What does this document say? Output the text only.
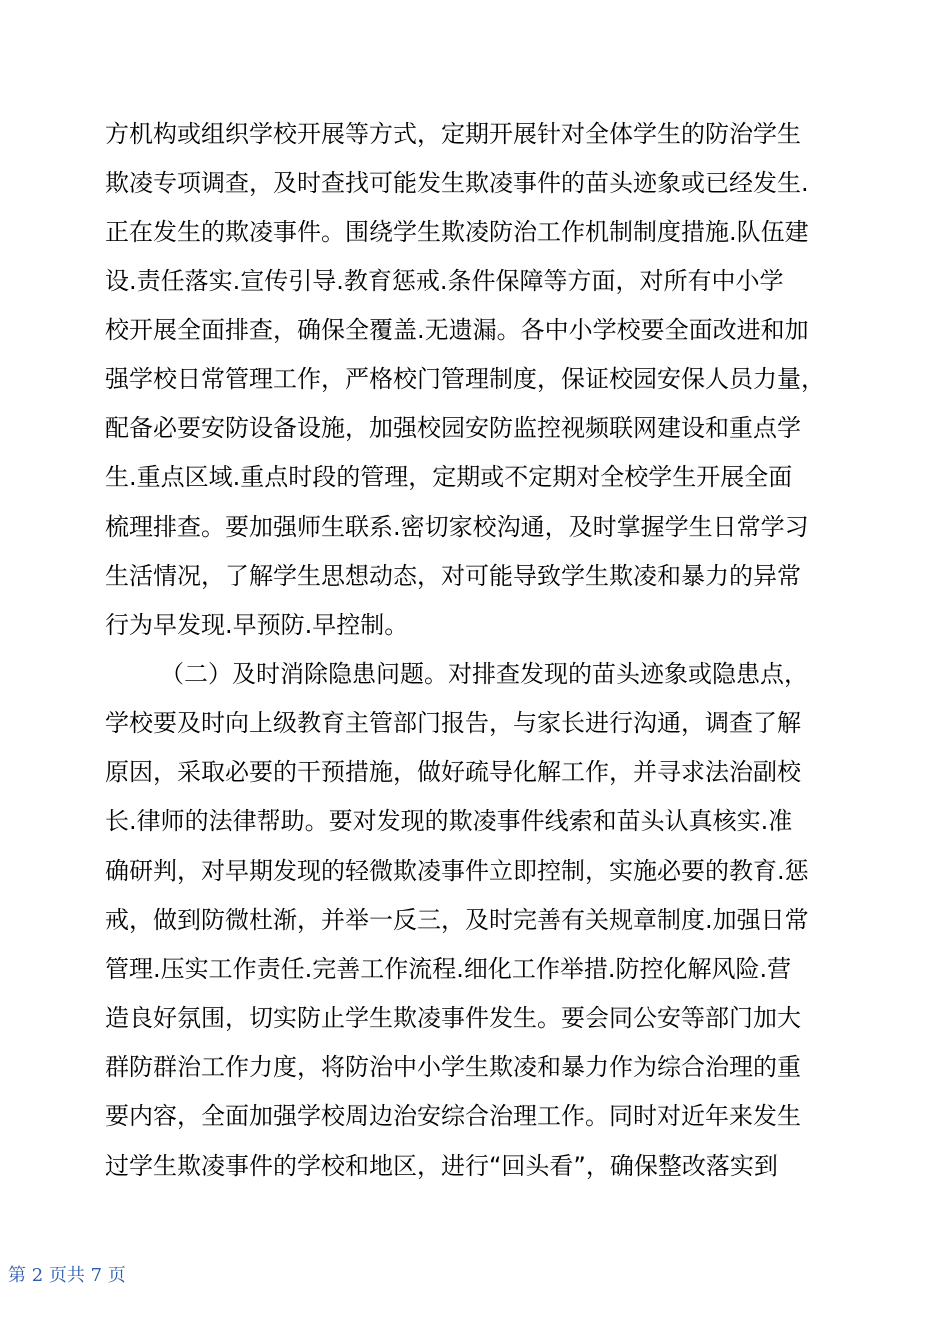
方机构或组织学校开展等方式，定期开展针对全体学生的防治学生
欺凌专项调查，及时查找可能发生欺凌事件的苗头迹象或已经发生.
正在发生的欺凌事件。围绕学生欺凌防治工作机制制度措施.队伍建
设.责任落实.宣传引导.教育惩戒.条件保障等方面，对所有中小学
校开展全面排查，确保全覆盖.无遗漏。各中小学校要全面改进和加
强学校日常管理工作，严格校门管理制度，保证校园安保人员力量，
配备必要安防设备设施，加强校园安防监控视频联网建设和重点学
生.重点区域.重点时段的管理，定期或不定期对全校学生开展全面
梳理排查。要加强师生联系.密切家校沟通，及时掌握学生日常学习
生活情况，了解学生思想动态，对可能导致学生欺凌和暴力的异常
行为早发现.早预防.早控制。
（二）及时消除隐患问题。对排查发现的苗头迹象或隐患点，
学校要及时向上级教育主管部门报告，与家长进行沟通，调查了解
原因，采取必要的干预措施，做好疏导化解工作，并寻求法治副校
长.律师的法律帮助。要对发现的欺凌事件线索和苗头认真核实.准
确研判，对早期发现的轻微欺凌事件立即控制，实施必要的教育.惩
戒，做到防微杜渐，并举一反三，及时完善有关规章制度.加强日常
管理.压实工作责任.完善工作流程.细化工作举措.防控化解风险.营
造良好氛围，切实防止学生欺凌事件发生。要会同公安等部门加大
群防群治工作力度，将防治中小学生欺凌和暴力作为综合治理的重
要内容，全面加强学校周边治安综合治理工作。同时对近年来发生
过学生欺凌事件的学校和地区，进行“回头看”，确保整改落实到
第 2 页共 7 页
